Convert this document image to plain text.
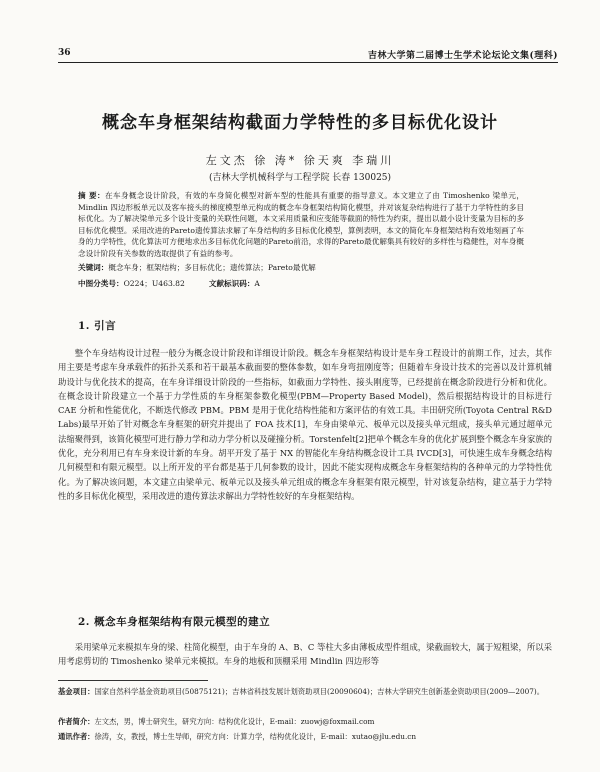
36	吉林大学第二届博士生学术论坛论文集(理科)
概念车身框架结构截面力学特性的多目标优化设计
左文杰 徐 涛* 徐天爽 李瑞川
(吉林大学机械科学与工程学院 长春 130025)
摘 要：在车身概念设计阶段，有效的车身简化模型对新车型的性能具有重要的指导意义。本文建立了由 Timoshenko 梁单元，Mindlin 四边形板单元以及客车接头的梯度模型单元构成的概念车身框架结构简化模型，并对该复杂结构进行了基于力学特性的多目标优化。为了解决梁单元多个设计变量的关联性问题，本文采用质量和应变能等截面的特性为约束，提出以最小设计变量为目标的多目标优化模型。采用改进的Pareto遗传算法求解了车身结构的多目标优化模型，算例表明，本文的简化车身框架结构有效地刻画了车身的力学特性，优化算法可方便地求出多目标优化问题的Pareto前沿，求得的Pareto最优解集具有较好的多样性与稳健性，对车身概念设计阶段有关参数的选取提供了有益的参考。
关键词：概念车身；框架结构；多目标优化；遗传算法；Pareto最优解
中图分类号：O224；U463.82	文献标识码：A
1. 引言
整个车身结构设计过程一般分为概念设计阶段和详细设计阶段。概念车身框架结构设计是车身工程设计的前期工作，过去，其作用主要是考虑车身承载件的拓扑关系和若干最基本截面要的整体参数，如车身弯扭刚度等；但随着车身设计技术的完善以及计算机辅助设计与优化技术的提高，在车身详细设计阶段的一些指标，如截面力学特性、接头刚度等，已经提前在概念阶段进行分析和优化。在概念设计阶段建立一个基于力学性质的车身框架参数化模型(PBM—Property Based Model)，然后根据结构设计的目标进行 CAE 分析和性能优化，不断迭代修改 PBM。PBM 是用于优化结构性能和方案评估的有效工具。丰田研究所(Toyota Central R&D Labs)最早开始了针对概念车身框架的研究并提出了 FOA 技术[1]，车身由梁单元、板单元以及接头单元组成，接头单元通过超单元法缩聚得到，该简化模型可进行静力学和动力学分析以及碰撞分析。Torstenfelt[2]把单个概念车身的优化扩展到整个概念车身家族的优化，充分利用已有车身来设计新的车身。胡平开发了基于 NX 的智能化车身结构概念设计工具 IVCD[3]，可快速生成车身概念结构几何模型和有限元模型。以上所开发的平台都是基于几何参数的设计，因此不能实现构成概念车身框架结构的各种单元的力学特性优化。为了解决该问题，本文建立由梁单元、板单元以及接头单元组成的概念车身框架有限元模型，针对该复杂结构，建立基于力学特性的多目标优化模型，采用改进的遗传算法求解出力学特性较好的车身框架结构。
2. 概念车身框架结构有限元模型的建立
采用梁单元来模拟车身的梁、柱简化模型，由于车身的 A、B、C 等柱大多由薄板成型件组成，梁截面较大，属于短粗梁，所以采用考虑剪切的 Timoshenko 梁单元来模拟。车身的地板和顶棚采用 Mindlin 四边形等
基金项目：国家自然科学基金资助项目(50875121)；吉林省科技发展计划资助项目(20090604)；吉林大学研究生创新基金资助项目(2009—2007)。
作者简介：左文杰，男，博士研究生，研究方向：结构优化设计，E-mail：zuowj@foxmail.com
通讯作者：徐涛，女，教授，博士生导师，研究方向：计算力学，结构优化设计，E-mail：xutao@jlu.edu.cn
